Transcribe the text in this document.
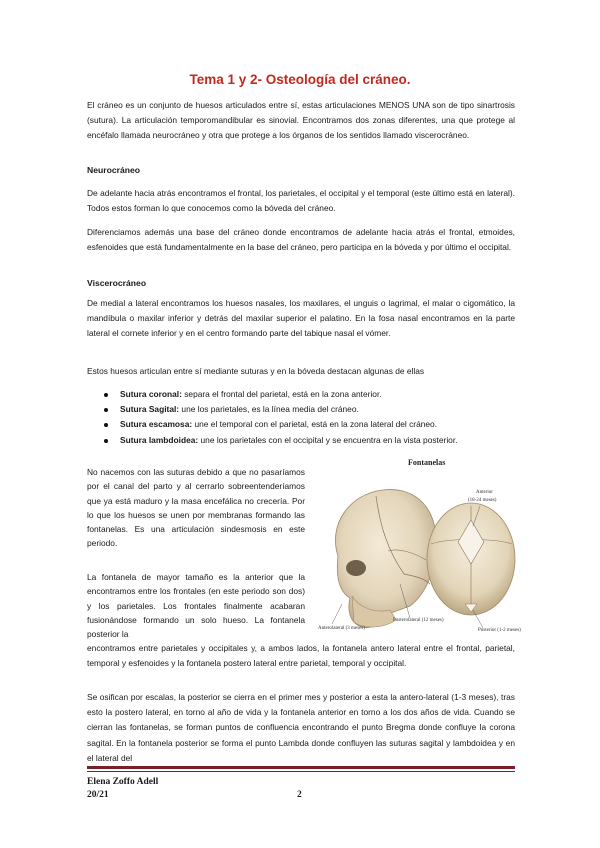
Tema 1 y 2- Osteología del cráneo.

El cráneo es un conjunto de huesos articulados entre sí, estas articulaciones MENOS UNA son de tipo sinartrosis (sutura). La articulación temporomandibular es sinovial. Encontramos dos zonas diferentes, una que protege al encéfalo llamada neurocráneo y otra que protege a los órganos de los sentidos llamado viscerocráneo.

Neurocráneo

De adelante hacia atrás encontramos el frontal, los parietales, el occipital y el temporal (este último está en lateral). Todos estos forman lo que conocemos como la bóveda del cráneo.

Diferenciamos además una base del cráneo donde encontramos de adelante hacia atrás el frontal, etmoides, esfenoides que está fundamentalmente en la base del cráneo, pero participa en la bóveda y por último el occipital.

Viscerocráneo

De medial a lateral encontramos los huesos nasales, los maxilares, el unguis o lagrimal, el malar o cigomático, la mandíbula o maxilar inferior y detrás del maxilar superior el palatino. En la fosa nasal encontramos en la parte lateral el cornete inferior y en el centro formando parte del tabique nasal el vómer.

Estos huesos articulan entre sí mediante suturas y en la bóveda destacan algunas de ellas

Sutura coronal: separa el frontal del parietal, está en la zona anterior.
Sutura Sagital: une los parietales, es la línea media del cráneo.
Sutura escamosa: une el temporal con el parietal, está en la zona lateral del cráneo.
Sutura lambdoidea: une los parietales con el occipital y se encuentra en la vista posterior.

No nacemos con las suturas debido a que no pasaríamos por el canal del parto y al cerrarlo sobreentenderíamos que ya está maduro y la masa encefálica no crecería. Por lo que los huesos se unen por membranas formando las fontanelas. Es una articulación sindesmosis en este periodo.

La fontanela de mayor tamaño es la anterior que la encontramos entre los frontales (en este periodo son dos) y los parietales. Los frontales finalmente acabaran fusionándose formando un solo hueso. La fontanela posterior la

Fontanelas
Anterior
(18-24 meses)
Posterolateral (12 meses)
Anterolateral (3 meses)	Posterior (1-2 meses)

encontramos entre parietales y occipitales y, a ambos lados, la fontanela antero lateral entre el frontal, parietal, temporal y esfenoides y la fontanela postero lateral entre parietal, temporal y occipital.

Se osifican por escalas, la posterior se cierra en el primer mes y posterior a esta la antero-lateral (1-3 meses), tras esto la postero lateral, en torno al año de vida y la fontanela anterior en torno a los dos años de vida. Cuando se cierran las fontanelas, se forman puntos de confluencia encontrando el punto Bregma donde confluye la corona sagital. En la fontanela posterior se forma el punto Lambda donde confluyen las suturas sagital y lambdoidea y en el lateral del

Elena Zoffo Adell
20/21	2
